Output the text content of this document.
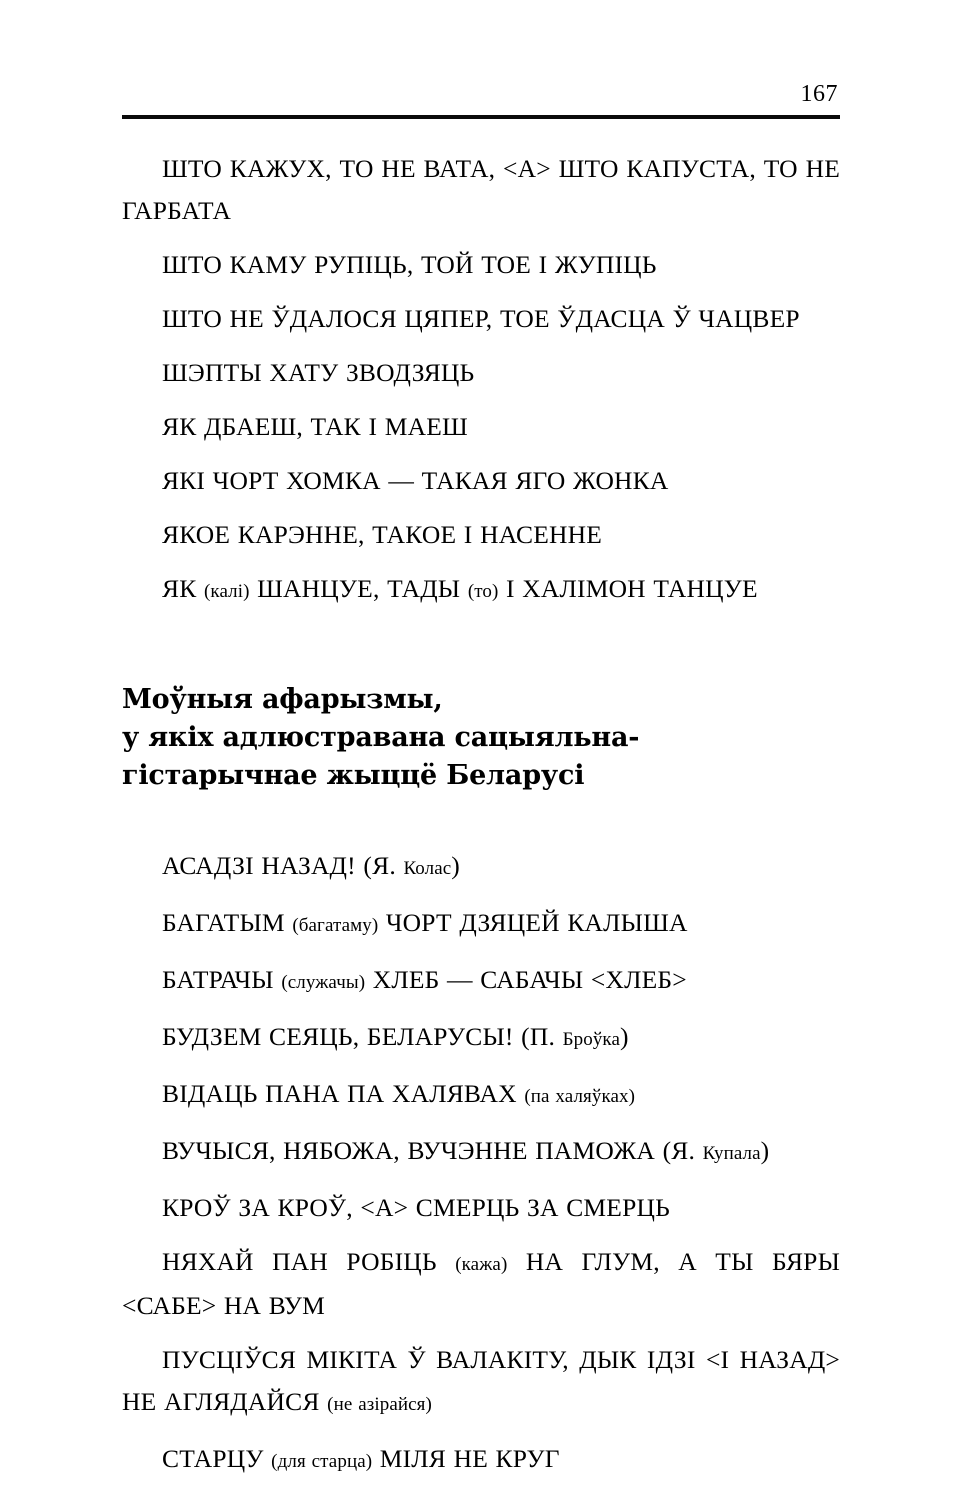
167

ШТО КАЖУХ, ТО НЕ ВАТА, <А> ШТО КАПУСТА, ТО НЕ ГАРБАТА

ШТО КАМУ РУПІЦЬ, ТОЙ ТОЕ І ЖУПІЦЬ

ШТО НЕ ЎДАЛОСЯ ЦЯПЕР, ТОЕ ЎДАСЦА Ў ЧАЦВЕР

ШЭПТЫ ХАТУ ЗВОДЗЯЦЬ

ЯК ДБАЕШ, ТАК І МАЕШ

ЯКІ ЧОРТ ХОМКА — ТАКАЯ ЯГО ЖОНКА

ЯКОЕ КАРЭННЕ, ТАКОЕ І НАСЕННЕ

ЯК (калі) ШАНЦУЕ, ТАДЫ (то) І ХАЛІМОН ТАНЦУЕ

Моўныя афарызмы,
у якіх адлюстравана сацыяльна-
гістарычнае жыццё Беларусі

АСАДЗІ НАЗАД! (Я. Колас)

БАГАТЫМ (багатаму) ЧОРТ ДЗЯЦЕЙ КАЛЫША

БАТРАЧЫ (служачы) ХЛЕБ — САБАЧЫ <ХЛЕБ>

БУДЗЕМ СЕЯЦЬ, БЕЛАРУСЫ! (П. Броўка)

ВІДАЦЬ ПАНА ПА ХАЛЯВАХ (па халяўках)

ВУЧЫСЯ, НЯБОЖА, ВУЧЭННЕ ПАМОЖА (Я. Купала)

КРОЎ ЗА КРОЎ, <А> СМЕРЦЬ ЗА СМЕРЦЬ

НЯХАЙ ПАН РОБІЦЬ (кажа) НА ГЛУМ, А ТЫ БЯРЫ <САБЕ> НА ВУМ

ПУСЦІЎСЯ МІКІТА Ў ВАЛАКІТУ, ДЫК ІДЗІ <І НАЗАД> НЕ АГЛЯДАЙСЯ (не азірайся)

СТАРЦУ (для старца) МІЛЯ НЕ КРУГ
